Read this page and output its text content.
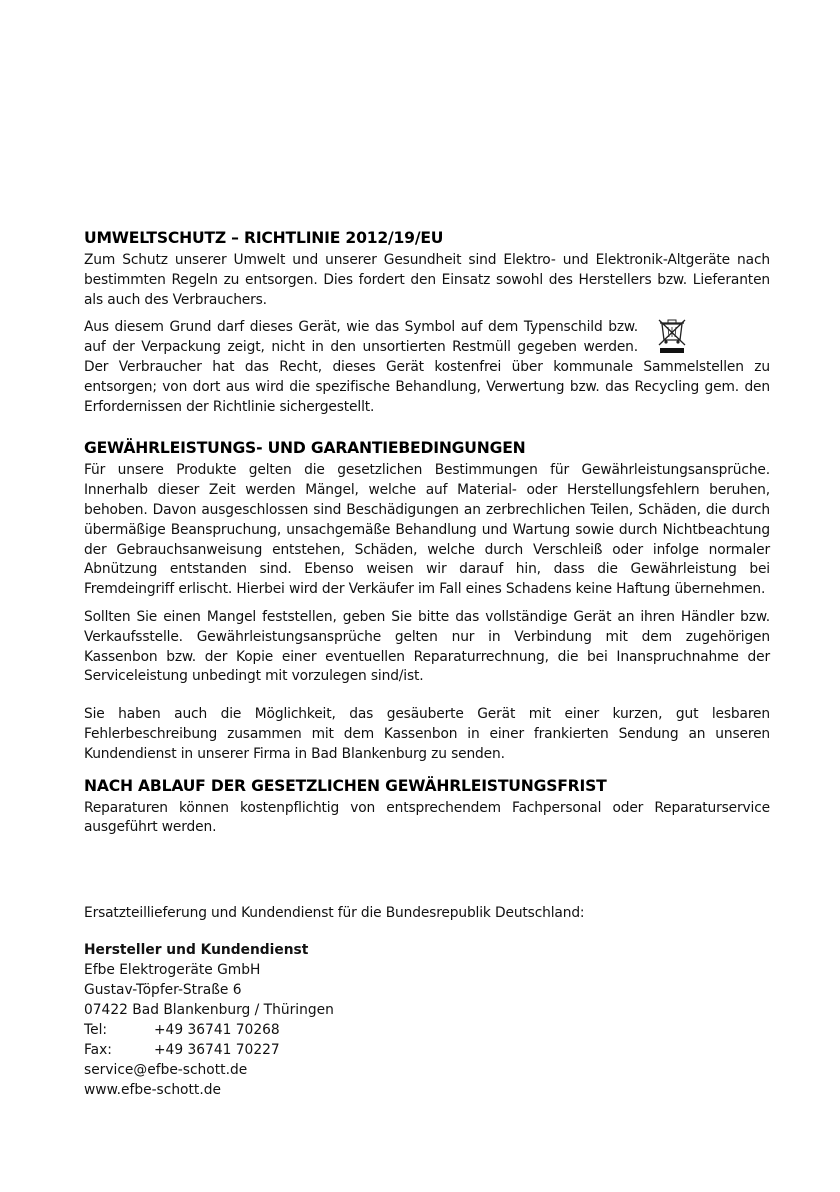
UMWELTSCHUTZ – RICHTLINIE 2012/19/EU

Zum Schutz unserer Umwelt und unserer Gesundheit sind Elektro- und Elektronik-Altgeräte nach bestimmten Regeln zu entsorgen. Dies fordert den Einsatz sowohl des Herstellers bzw. Lieferanten als auch des Verbrauchers.

Aus diesem Grund darf dieses Gerät, wie das Symbol auf dem Typenschild bzw. auf der Verpackung zeigt, nicht in den unsortierten Restmüll gegeben werden. Der Verbraucher hat das Recht, dieses Gerät kostenfrei über kommunale Sammelstellen zu entsorgen; von dort aus wird die spezifische Behandlung, Verwertung bzw. das Recycling gem. den Erfordernissen der Richtlinie sichergestellt.

GEWÄHRLEISTUNGS- UND GARANTIEBEDINGUNGEN

Für unsere Produkte gelten die gesetzlichen Bestimmungen für Gewährleistungsansprüche. Innerhalb dieser Zeit werden Mängel, welche auf Material- oder Herstellungsfehlern beruhen, behoben. Davon ausgeschlossen sind Beschädigungen an zerbrechlichen Teilen, Schäden, die durch übermäßige Beanspruchung, unsachgemäße Behandlung und Wartung sowie durch Nichtbeachtung der Gebrauchsanweisung entstehen, Schäden, welche durch Verschleiß oder infolge normaler Abnützung entstanden sind. Ebenso weisen wir darauf hin, dass die Gewährleistung bei Fremdeingriff erlischt. Hierbei wird der Verkäufer im Fall eines Schadens keine Haftung übernehmen.

Sollten Sie einen Mangel feststellen, geben Sie bitte das vollständige Gerät an ihren Händler bzw. Verkaufsstelle. Gewährleistungsansprüche gelten nur in Verbindung mit dem zugehörigen Kassenbon bzw. der Kopie einer eventuellen Reparaturrechnung, die bei Inanspruchnahme der Serviceleistung unbedingt mit vorzulegen sind/ist.

Sie haben auch die Möglichkeit, das gesäuberte Gerät mit einer kurzen, gut lesbaren Fehlerbeschreibung zusammen mit dem Kassenbon in einer frankierten Sendung an unseren Kundendienst in unserer Firma in Bad Blankenburg zu senden.

NACH ABLAUF DER GESETZLICHEN GEWÄHRLEISTUNGSFRIST

Reparaturen können kostenpflichtig von entsprechendem Fachpersonal oder Reparaturservice ausgeführt werden.

Ersatzteillieferung und Kundendienst für die Bundesrepublik Deutschland:

Hersteller und Kundendienst
Efbe Elektrogeräte GmbH
Gustav-Töpfer-Straße 6
07422 Bad Blankenburg / Thüringen
Tel:	+49 36741 70268
Fax:	+49 36741 70227
service@efbe-schott.de
www.efbe-schott.de
